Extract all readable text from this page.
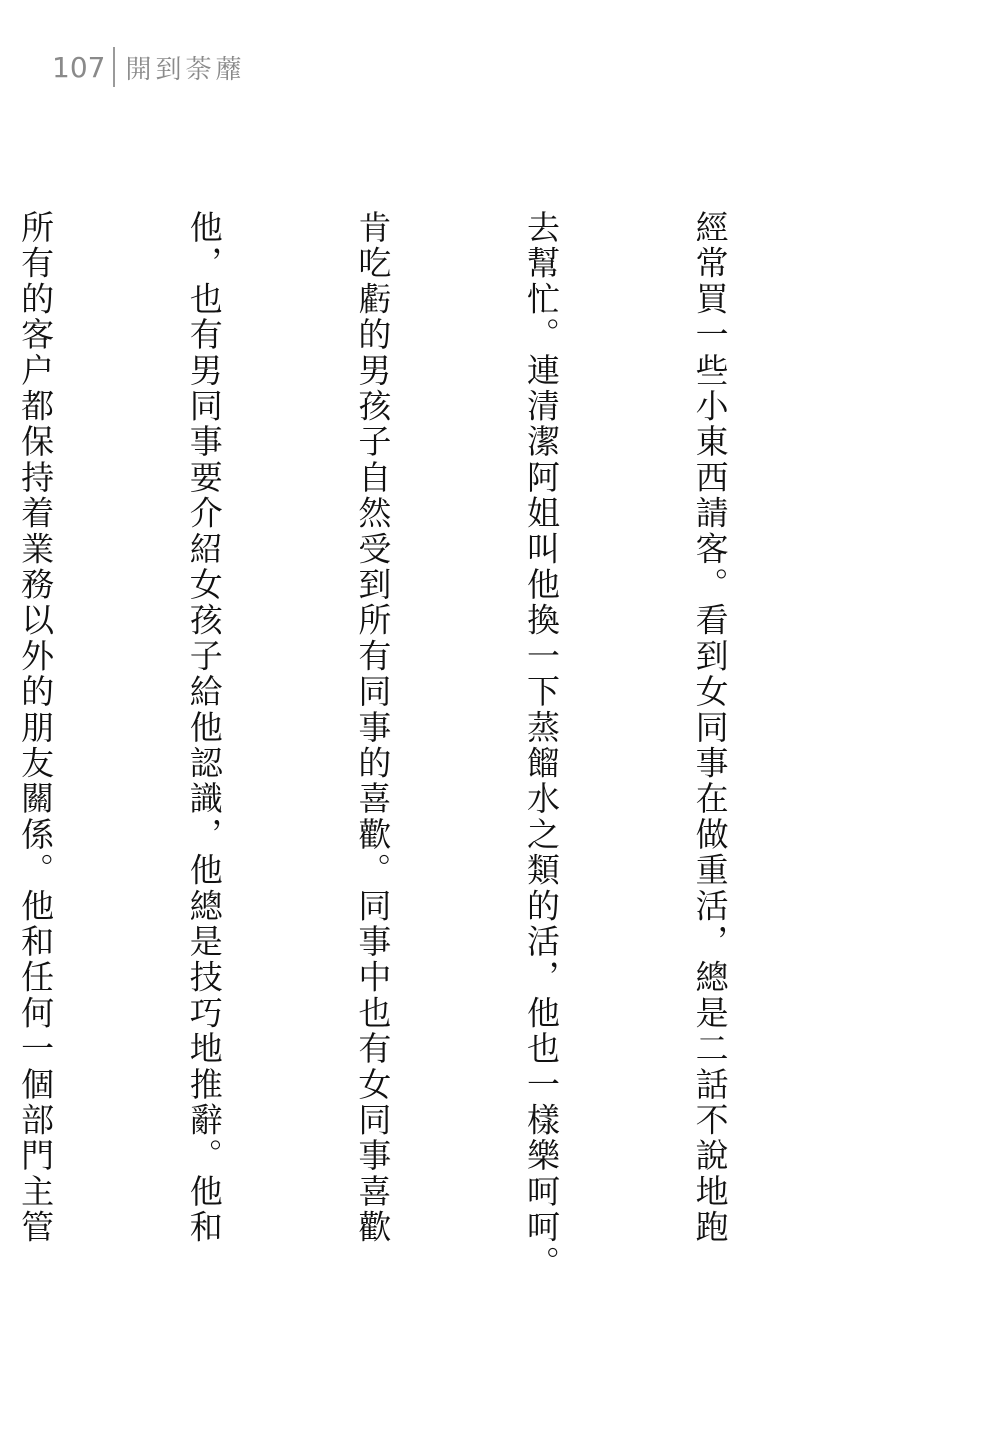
107 開到荼蘼

經常買一些小東西請客。看到女同事在做重活，總是二話不說地跑

去幫忙。連清潔阿姐叫他換一下蒸餾水之類的活，他也一樣樂呵呵。

肯吃虧的男孩子自然受到所有同事的喜歡。同事中也有女同事喜歡

他，也有男同事要介紹女孩子給他認識，他總是技巧地推辭。他和

所有的客户都保持着業務以外的朋友關係。他和任何一個部門主管
